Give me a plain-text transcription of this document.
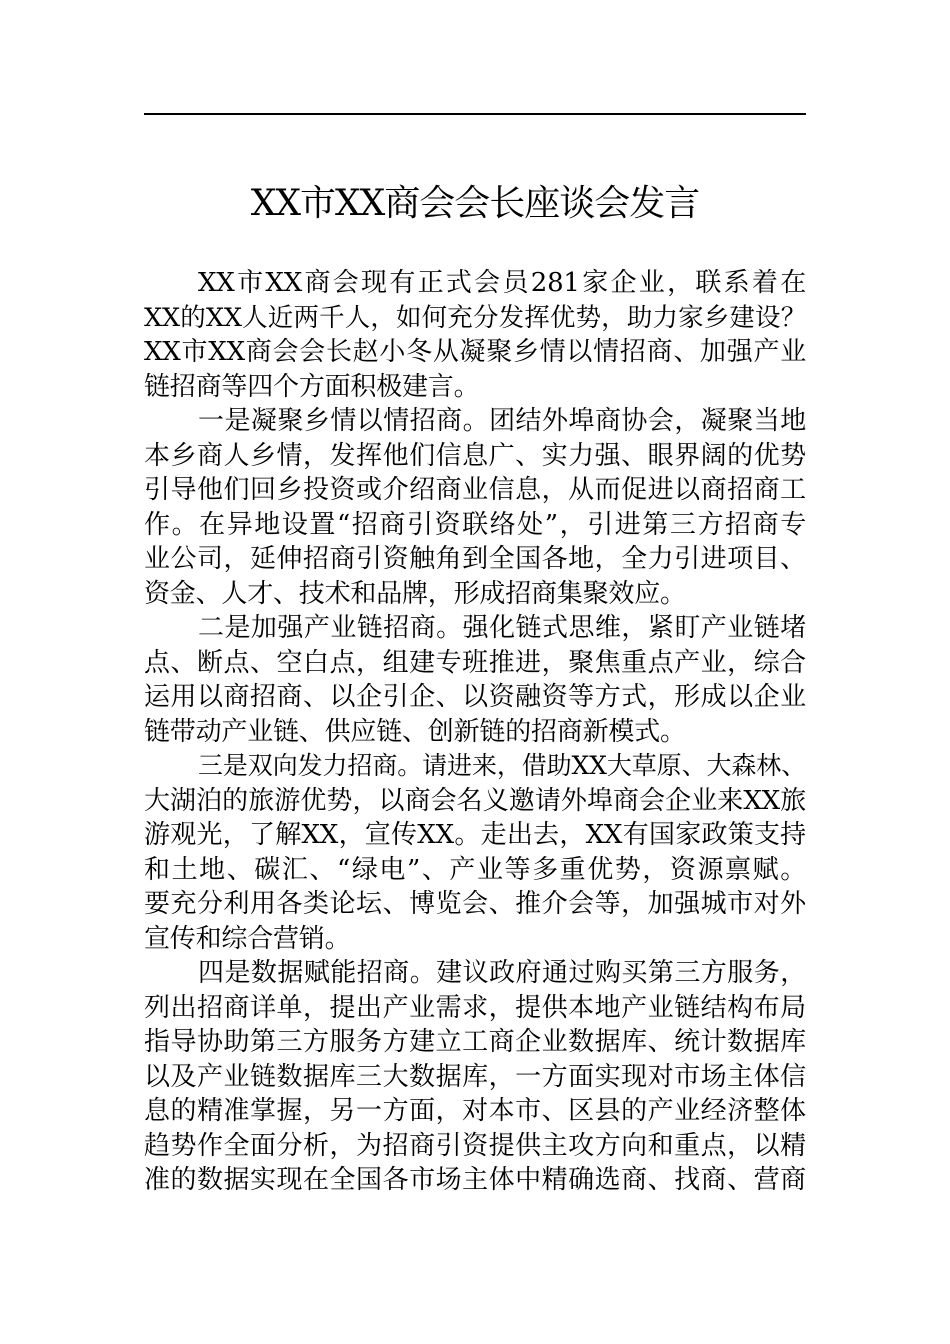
XX市XX商会会长座谈会发言
XX市XX商会现有正式会员281家企业，联系着在
XX的XX人近两千人，如何充分发挥优势，助力家乡建设？
XX市XX商会会长赵小冬从凝聚乡情以情招商、加强产业
链招商等四个方面积极建言。
一是凝聚乡情以情招商。团结外埠商协会，凝聚当地
本乡商人乡情，发挥他们信息广、实力强、眼界阔的优势
引导他们回乡投资或介绍商业信息，从而促进以商招商工
作。在异地设置“招商引资联络处”，引进第三方招商专
业公司，延伸招商引资触角到全国各地，全力引进项目、
资金、人才、技术和品牌，形成招商集聚效应。
二是加强产业链招商。强化链式思维，紧盯产业链堵
点、断点、空白点，组建专班推进，聚焦重点产业，综合
运用以商招商、以企引企、以资融资等方式，形成以企业
链带动产业链、供应链、创新链的招商新模式。
三是双向发力招商。请进来，借助XX大草原、大森林、
大湖泊的旅游优势，以商会名义邀请外埠商会企业来XX旅
游观光，了解XX，宣传XX。走出去，XX有国家政策支持
和土地、碳汇、“绿电”、产业等多重优势，资源禀赋。
要充分利用各类论坛、博览会、推介会等，加强城市对外
宣传和综合营销。
四是数据赋能招商。建议政府通过购买第三方服务，
列出招商详单，提出产业需求，提供本地产业链结构布局
指导协助第三方服务方建立工商企业数据库、统计数据库
以及产业链数据库三大数据库，一方面实现对市场主体信
息的精准掌握，另一方面，对本市、区县的产业经济整体
趋势作全面分析，为招商引资提供主攻方向和重点，以精
准的数据实现在全国各市场主体中精确选商、找商、营商
